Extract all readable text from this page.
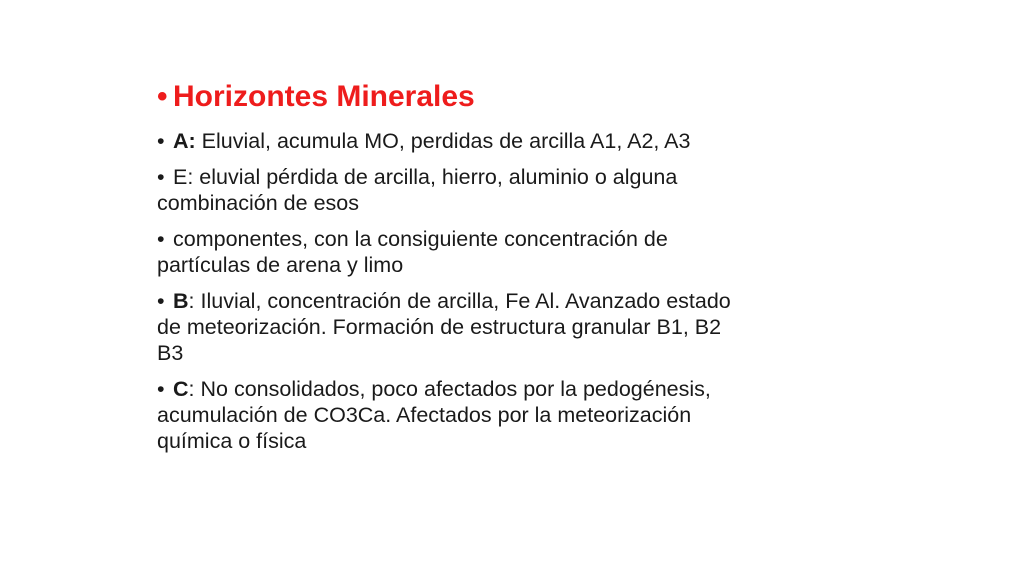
• Horizontes Minerales
• A: Eluvial, acumula MO, perdidas de arcilla A1, A2, A3
• E: eluvial pérdida de arcilla, hierro, aluminio o alguna combinación de esos
• componentes, con la consiguiente concentración de partículas de arena y limo
• B: Iluvial, concentración de arcilla, Fe Al. Avanzado estado de meteorización. Formación de estructura granular B1, B2 B3
• C: No consolidados, poco afectados por la pedogénesis, acumulación de CO3Ca. Afectados por la meteorización química o física
